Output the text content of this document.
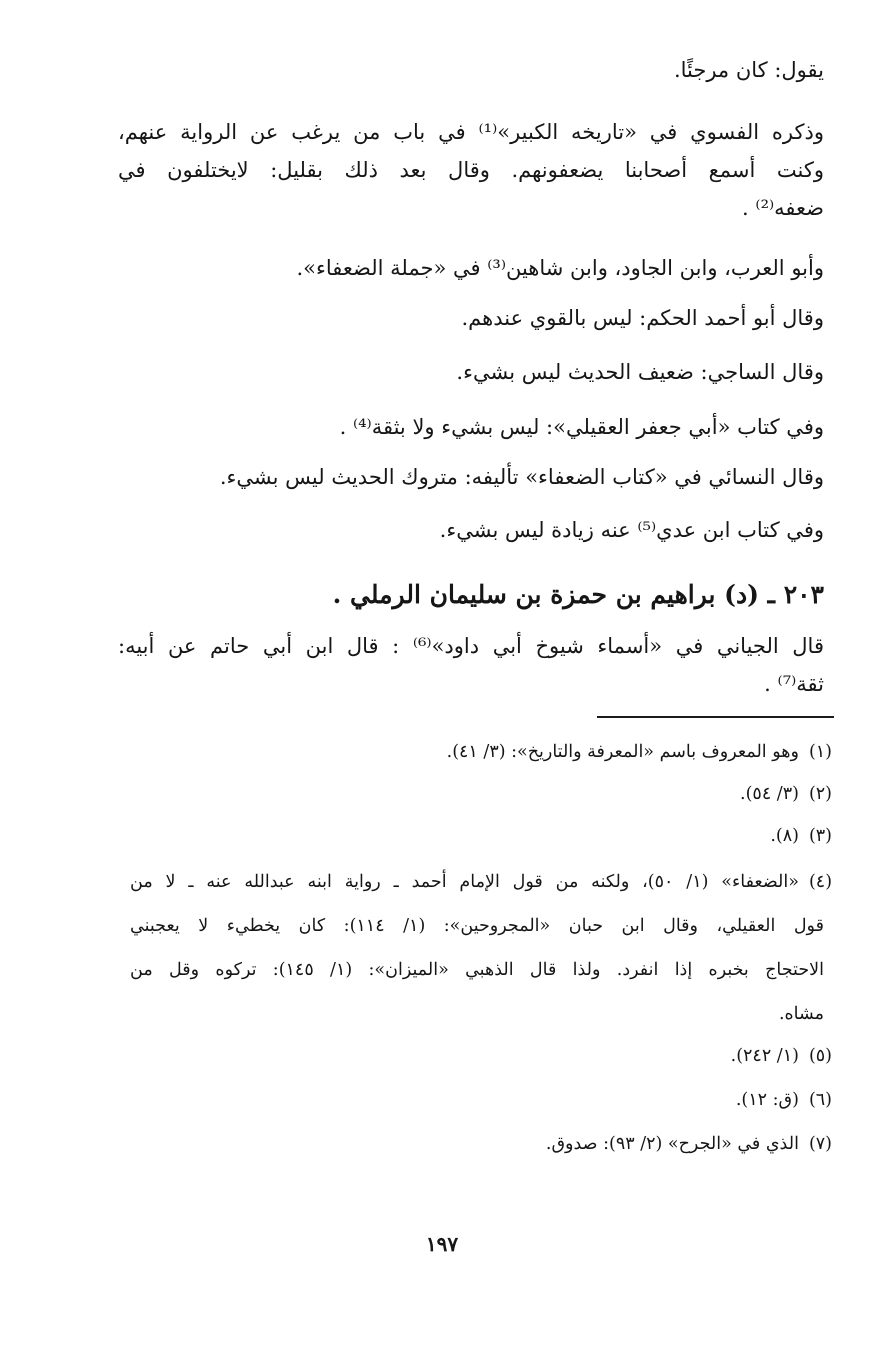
يقول: كان مرجئًا.
وذكره الفسوي في «تاريخه الكبير»⁽¹⁾ في باب من يرغب عن الرواية عنهم،
وكنت أسمع أصحابنا يضعفونهم. وقال بعد ذلك بقليل: لايختلفون في
ضعفه⁽²⁾ .
وأبو العرب، وابن الجاود، وابن شاهين⁽³⁾ في «جملة الضعفاء».
وقال أبو أحمد الحكم: ليس بالقوي عندهم.
وقال الساجي: ضعيف الحديث ليس بشيء.
وفي كتاب «أبي جعفر العقيلي»: ليس بشيء ولا بثقة⁽⁴⁾ .
وقال النسائي في «كتاب الضعفاء» تأليفه: متروك الحديث ليس بشيء.
وفي كتاب ابن عدي⁽⁵⁾ عنه زيادة ليس بشيء.
٢٠٣ ـ (د) براهيم بن حمزة بن سليمان الرملي .
قال الجياني في «أسماء شيوخ أبي داود»⁽⁶⁾ : قال ابن أبي حاتم عن أبيه:
ثقة⁽⁷⁾ .
(١)وهو المعروف باسم «المعرفة والتاريخ»: (٣/ ٤١).
(٢)(٣/ ٥٤).
(٣)(٨).
(٤)«الضعفاء» (١/ ٥٠)، ولكنه من قول الإمام أحمد ـ رواية ابنه عبدالله عنه ـ لا من
قول العقيلي، وقال ابن حبان «المجروحين»: (١/ ١١٤): كان يخطيء لا يعجبني
الاحتجاج بخبره إذا انفرد. ولذا قال الذهبي «الميزان»: (١/ ١٤٥): تركوه وقل من
مشاه.
(٥)(١/ ٢٤٢).
(٦)(ق: ١٢).
(٧)الذي في «الجرح» (٢/ ٩٣): صدوق.
١٩٧
